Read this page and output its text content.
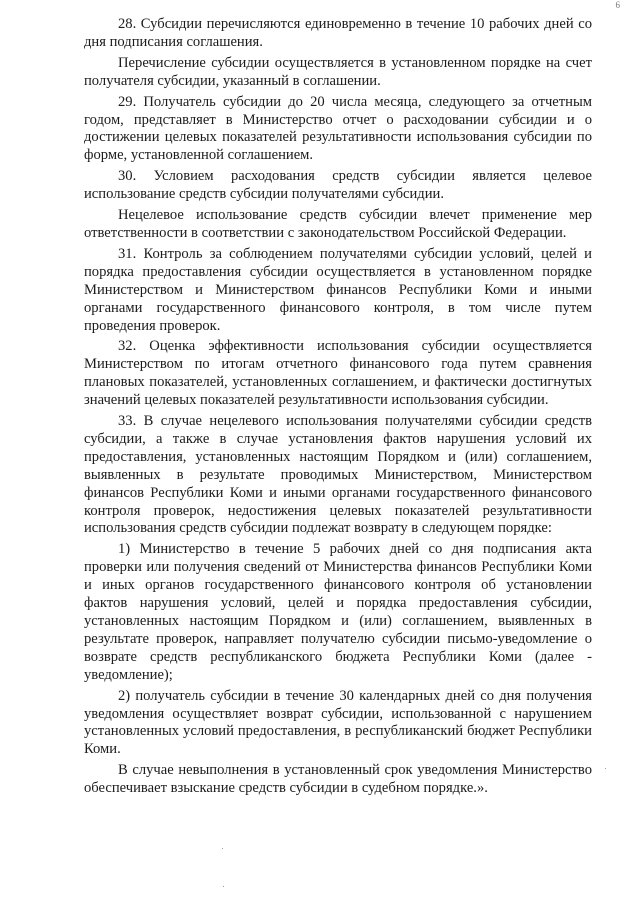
6

28. Субсидии перечисляются единовременно в течение 10 рабочих дней со дня подписания соглашения.

Перечисление субсидии осуществляется в установленном порядке на счет получателя субсидии, указанный в соглашении.

29. Получатель субсидии до 20 числа месяца, следующего за отчетным годом, представляет в Министерство отчет о расходовании субсидии и о достижении целевых показателей результативности использования субсидии по форме, установленной соглашением.

30. Условием расходования средств субсидии является целевое использование средств субсидии получателями субсидии.

Нецелевое использование средств субсидии влечет применение мер ответственности в соответствии с законодательством Российской Федерации.

31. Контроль за соблюдением получателями субсидии условий, целей и порядка предоставления субсидии осуществляется в установленном порядке Министерством и Министерством финансов Республики Коми и иными органами государственного финансового контроля, в том числе путем проведения проверок.

32. Оценка эффективности использования субсидии осуществляется Министерством по итогам отчетного финансового года путем сравнения плановых показателей, установленных соглашением, и фактически достигнутых значений целевых показателей результативности использования субсидии.

33. В случае нецелевого использования получателями субсидии средств субсидии, а также в случае установления фактов нарушения условий их предоставления, установленных настоящим Порядком и (или) соглашением, выявленных в результате проводимых Министерством, Министерством финансов Республики Коми и иными органами государственного финансового контроля проверок, недостижения целевых показателей результативности использования средств субсидии подлежат возврату в следующем порядке:

1) Министерство в течение 5 рабочих дней со дня подписания акта проверки или получения сведений от Министерства финансов Республики Коми и иных органов государственного финансового контроля об установлении фактов нарушения условий, целей и порядка предоставления субсидии, установленных настоящим Порядком и (или) соглашением, выявленных в результате проверок, направляет получателю субсидии письмо-уведомление о возврате средств республиканского бюджета Республики Коми (далее - уведомление);

2) получатель субсидии в течение 30 календарных дней со дня получения уведомления осуществляет возврат субсидии, использованной с нарушением установленных условий предоставления, в республиканский бюджет Республики Коми.

В случае невыполнения в установленный срок уведомления Министерство обеспечивает взыскание средств субсидии в судебном порядке.».
